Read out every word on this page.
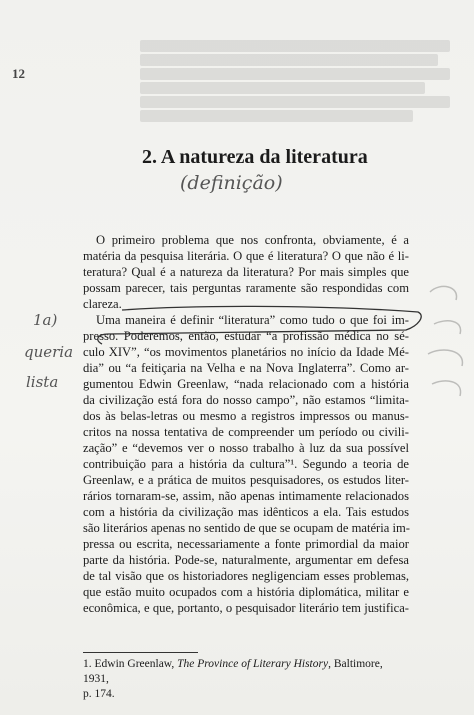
12
2. A natureza da literatura
(definição)
O primeiro problema que nos confronta, obviamente, é a
matéria da pesquisa literária. O que é literatura? O que não é li-
teratura? Qual é a natureza da literatura? Por mais simples que
possam parecer, tais perguntas raramente são respondidas com
clareza.
Uma maneira é definir “literatura” como tudo o que foi im-
presso. Poderemos, então, estudar “a profissão médica no sé-
culo XIV”, “os movimentos planetários no início da Idade Mé-
dia” ou “a feitiçaria na Velha e na Nova Inglaterra”. Como ar-
gumentou Edwin Greenlaw, “nada relacionado com a história
da civilização está fora do nosso campo”, não estamos “limita-
dos às belas-letras ou mesmo a registros impressos ou manus-
critos na nossa tentativa de compreender um período ou civili-
zação” e “devemos ver o nosso trabalho à luz da sua possível
contribuição para a história da cultura”¹. Segundo a teoria de
Greenlaw, e a prática de muitos pesquisadores, os estudos liter-
rários tornaram-se, assim, não apenas intimamente relacionados
com a história da civilização mas idênticos a ela. Tais estudos
são literários apenas no sentido de que se ocupam de matéria im-
pressa ou escrita, necessariamente a fonte primordial da maior
parte da história. Pode-se, naturalmente, argumentar em defesa
de tal visão que os historiadores negligenciam esses problemas,
que estão muito ocupados com a história diplomática, militar e
econômica, e que, portanto, o pesquisador literário tem justifica-
1a)
queria
lista
1. Edwin Greenlaw, The Province of Literary History, Baltimore, 1931,
p. 174.
